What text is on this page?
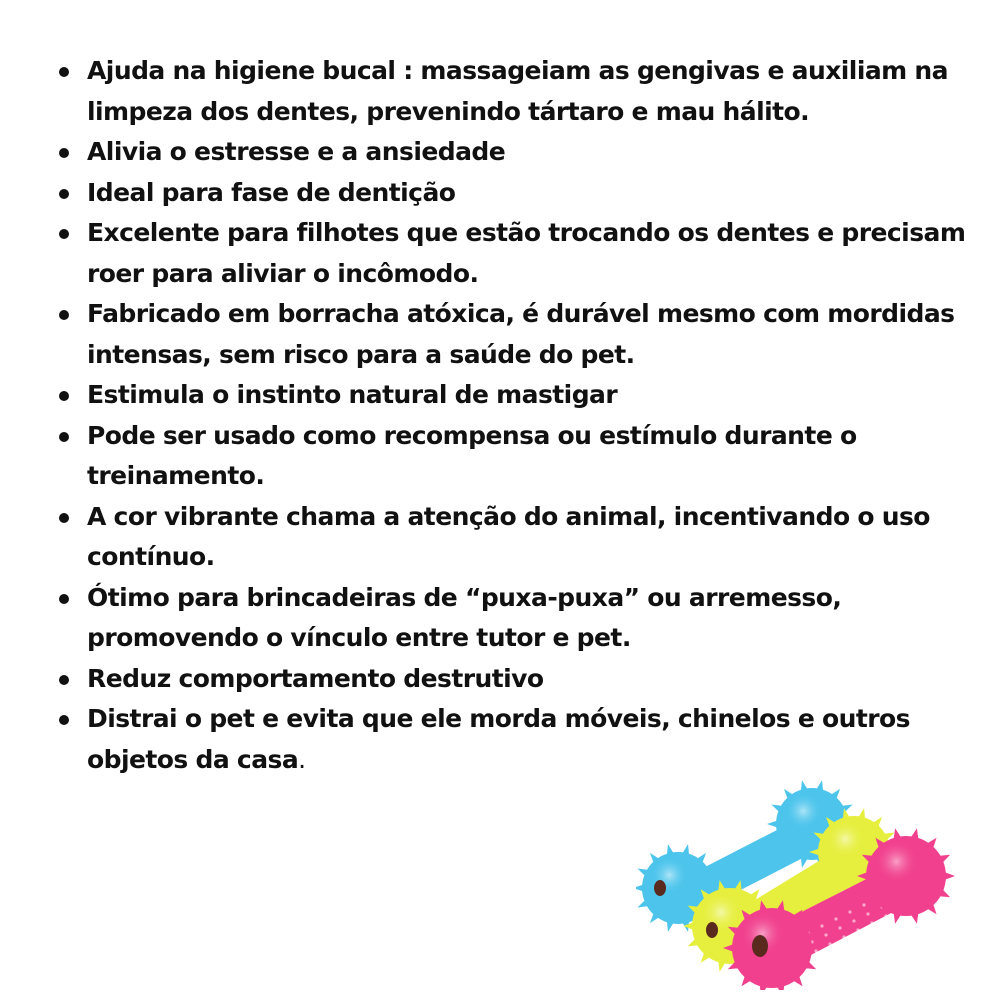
Ajuda na higiene bucal : massageiam as gengivas e auxiliam na limpeza dos dentes, prevenindo tártaro e mau hálito.
Alivia o estresse e a ansiedade
Ideal para fase de dentição
Excelente para filhotes que estão trocando os dentes e precisam roer para aliviar o incômodo.
Fabricado em borracha atóxica, é durável mesmo com mordidas intensas, sem risco para a saúde do pet.
Estimula o instinto natural de mastigar
Pode ser usado como recompensa ou estímulo durante o treinamento.
A cor vibrante chama a atenção do animal, incentivando o uso contínuo.
Ótimo para brincadeiras de “puxa-puxa” ou arremesso, promovendo o vínculo entre tutor e pet.
Reduz comportamento destrutivo
Distrai o pet e evita que ele morda móveis, chinelos e outros objetos da casa.
